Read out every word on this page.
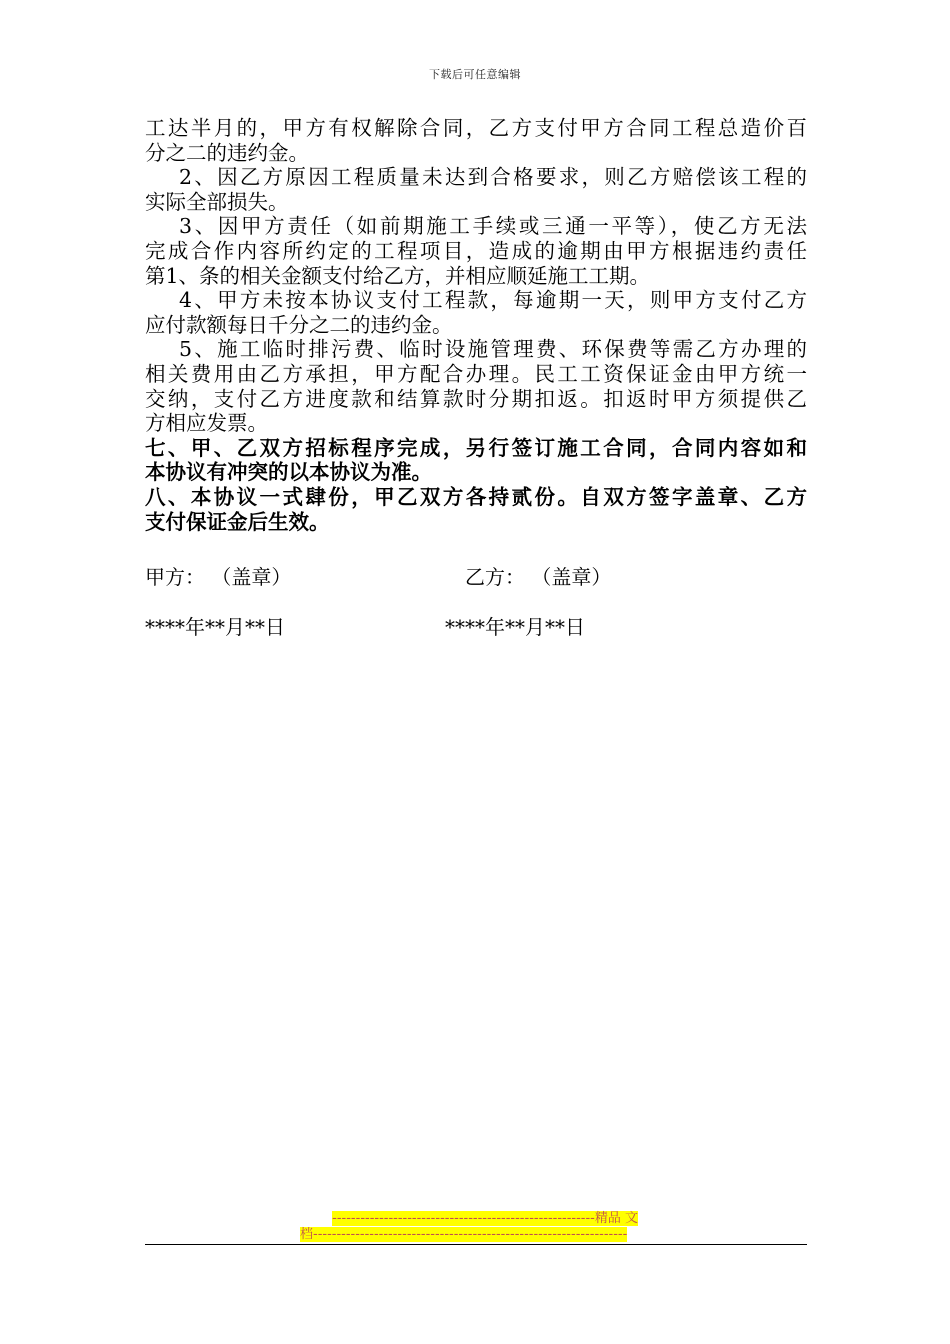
下载后可任意编辑
工达半月的，甲方有权解除合同，乙方支付甲方合同工程总造价百
分之二的违约金。
2、因乙方原因工程质量未达到合格要求，则乙方赔偿该工程的
实际全部损失。
3、因甲方责任（如前期施工手续或三通一平等），使乙方无法
完成合作内容所约定的工程项目，造成的逾期由甲方根据违约责任
第1、条的相关金额支付给乙方，并相应顺延施工工期。
4、甲方未按本协议支付工程款，每逾期一天，则甲方支付乙方
应付款额每日千分之二的违约金。
5、施工临时排污费、临时设施管理费、环保费等需乙方办理的
相关费用由乙方承担，甲方配合办理。民工工资保证金由甲方统一
交纳，支付乙方进度款和结算款时分期扣返。扣返时甲方须提供乙
方相应发票。
七、甲、乙双方招标程序完成，另行签订施工合同，合同内容如和
本协议有冲突的以本协议为准。
八、本协议一式肆份，甲乙双方各持贰份。自双方签字盖章、乙方
支付保证金后生效。
甲方： （盖章）	乙方： （盖章）
****年**月**日	****年**月**日
--------------------------------------------------------精品 文
档-------------------------------------------------------------------
